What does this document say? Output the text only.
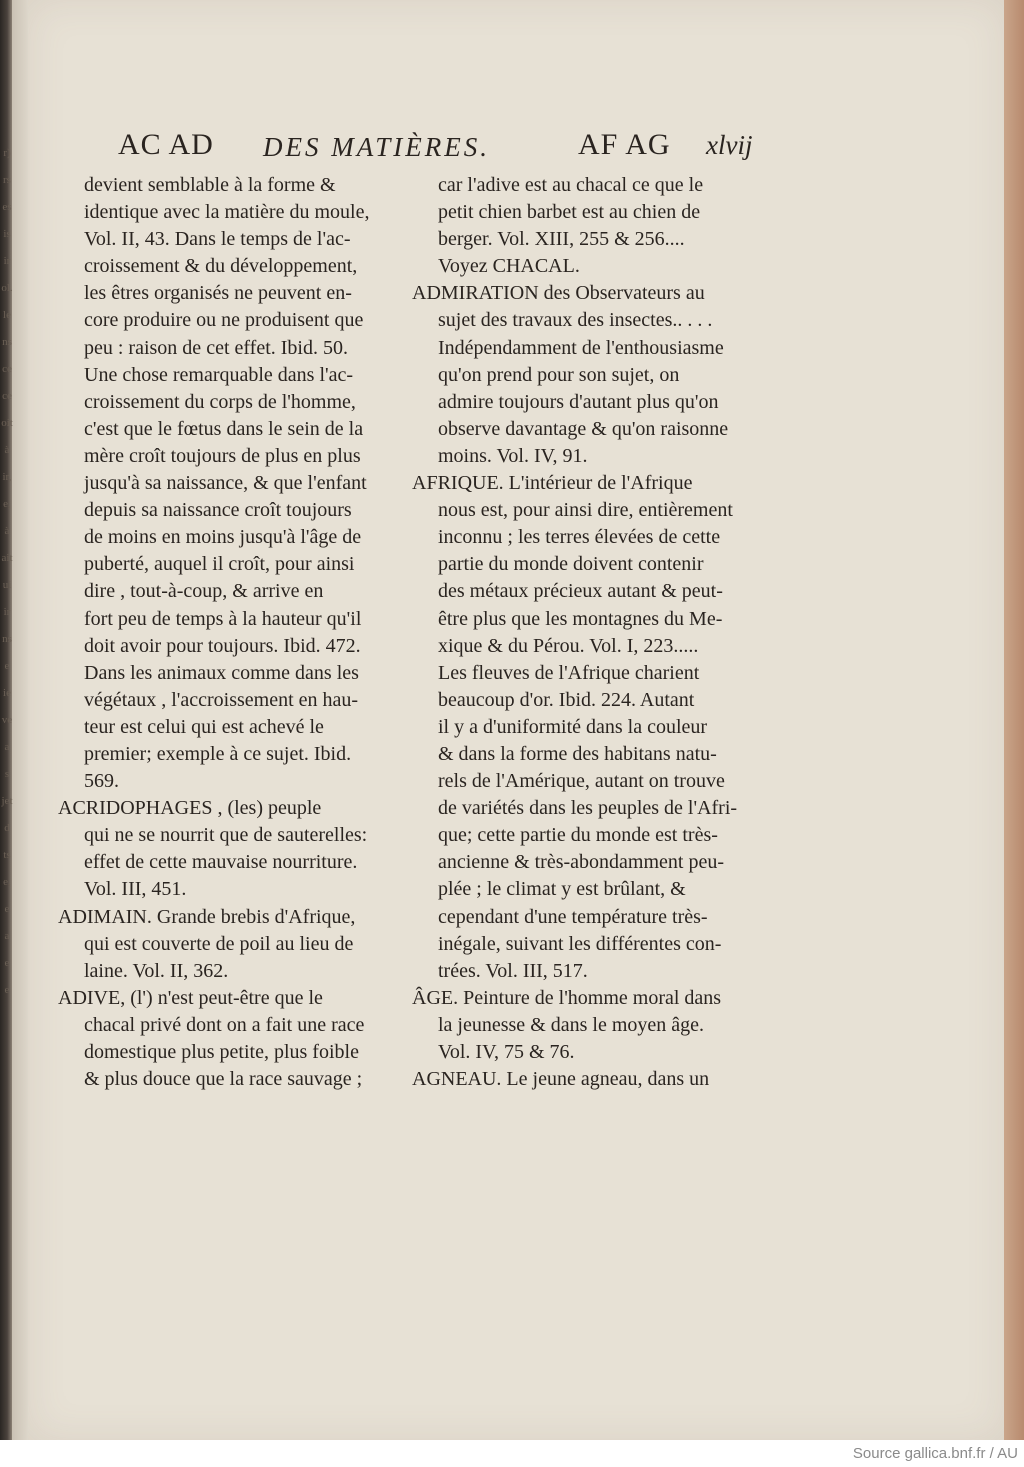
r)
rs
es
is
ir
ol.
le
ns
ce
ce
oit
à
ir,
e,
à
ait
ui
ir
ns
e
ie
ve
a
s
jet
d
ts
e,
e
a
e
e
AC AD DES MATIÈRES.	AF AG xlvij
devient semblable à la forme &
identique avec la matière du moule,
Vol. II, 43. Dans le temps de l'ac-
croissement & du développement,
les êtres organisés ne peuvent en-
core produire ou ne produisent que
peu : raison de cet effet. Ibid. 50.
Une chose remarquable dans l'ac-
croissement du corps de l'homme,
c'est que le fœtus dans le sein de la
mère croît toujours de plus en plus
jusqu'à sa naissance, & que l'enfant
depuis sa naissance croît toujours
de moins en moins jusqu'à l'âge de
puberté, auquel il croît, pour ainsi
dire , tout-à-coup, & arrive en
fort peu de temps à la hauteur qu'il
doit avoir pour toujours. Ibid. 472.
Dans les animaux comme dans les
végétaux , l'accroissement en hau-
teur est celui qui est achevé le
premier; exemple à ce sujet. Ibid.
569.
ACRIDOPHAGES , (les) peuple
qui ne se nourrit que de sauterelles:
effet de cette mauvaise nourriture.
Vol. III, 451.
ADIMAIN. Grande brebis d'Afrique,
qui est couverte de poil au lieu de
laine. Vol. II, 362.
ADIVE, (l') n'est peut-être que le
chacal privé dont on a fait une race
domestique plus petite, plus foible
& plus douce que la race sauvage ;
car l'adive est au chacal ce que le
petit chien barbet est au chien de
berger. Vol. XIII, 255 & 256....
Voyez CHACAL.
ADMIRATION des Observateurs au
sujet des travaux des insectes.. . . .
Indépendamment de l'enthousiasme
qu'on prend pour son sujet, on
admire toujours d'autant plus qu'on
observe davantage & qu'on raisonne
moins. Vol. IV, 91.
AFRIQUE. L'intérieur de l'Afrique
nous est, pour ainsi dire, entièrement
inconnu ; les terres élevées de cette
partie du monde doivent contenir
des métaux précieux autant & peut-
être plus que les montagnes du Me-
xique & du Pérou. Vol. I, 223.....
Les fleuves de l'Afrique charient
beaucoup d'or. Ibid. 224. Autant
il y a d'uniformité dans la couleur
& dans la forme des habitans natu-
rels de l'Amérique, autant on trouve
de variétés dans les peuples de l'Afri-
que; cette partie du monde est très-
ancienne & très-abondamment peu-
plée ; le climat y est brûlant, &
cependant d'une température très-
inégale, suivant les différentes con-
trées. Vol. III, 517.
ÂGE. Peinture de l'homme moral dans
la jeunesse & dans le moyen âge.
Vol. IV, 75 & 76.
AGNEAU. Le jeune agneau, dans un
Source gallica.bnf.fr / AU
